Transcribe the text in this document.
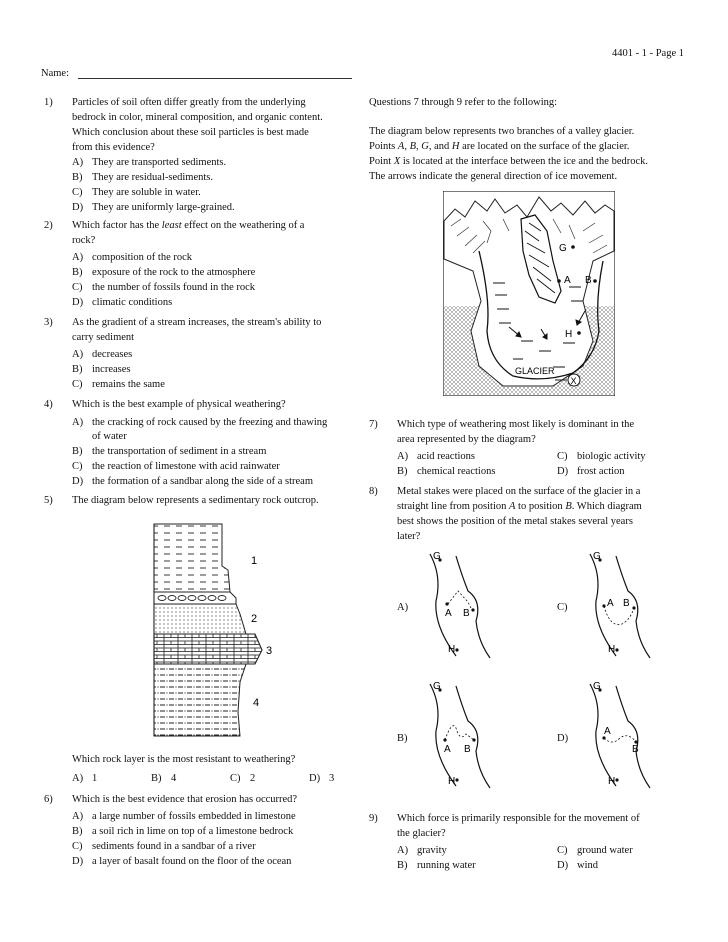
4401 - 1 - Page 1
Name:
1) Particles of soil often differ greatly from the underlying
bedrock in color, mineral composition, and organic content.
Which conclusion about these soil particles is best made
from this evidence?
A) They are transported sediments.
B) They are residual-sediments.
C) They are soluble in water.
D) They are uniformly large-grained.
2) Which factor has the least effect on the weathering of a
rock?
A) composition of the rock
B) exposure of the rock to the atmosphere
C) the number of fossils found in the rock
D) climatic conditions
3) As the gradient of a stream increases, the stream's ability to
carry sediment
A) decreases
B) increases
C) remains the same
4) Which is the best example of physical weathering?
A) the cracking of rock caused by the freezing and thawing
of water
B) the transportation of sediment in a stream
C) the reaction of limestone with acid rainwater
D) the formation of a sandbar along the side of a stream
5) The diagram below represents a sedimentary rock outcrop.
1
2
3
4
Which rock layer is the most resistant to weathering?
A) 1	B) 4	C) 2	D) 3
6) Which is the best evidence that erosion has occurred?
A) a large number of fossils embedded in limestone
B) a soil rich in lime on top of a limestone bedrock
C) sediments found in a sandbar of a river
D) a layer of basalt found on the floor of the ocean
Questions 7 through 9 refer to the following:
The diagram below represents two branches of a valley glacier.
Points A, B, G, and H are located on the surface of the glacier.
Point X is located at the interface between the ice and the bedrock.
The arrows indicate the general direction of ice movement.
G
A B
H
GLACIER
X
7) Which type of weathering most likely is dominant in the
area represented by the diagram?
A) acid reactions	C) biologic activity
B) chemical reactions	D) frost action
8) Metal stakes were placed on the surface of the glacier in a
straight line from position A to position B. Which diagram
best shows the position of the metal stakes several years
later?
A)	C)
B)	D)
G
A B
H
G
A B
H
G
A B
H
G
A
B
H
9) Which force is primarily responsible for the movement of
the glacier?
A) gravity	C) ground water
B) running water	D) wind
